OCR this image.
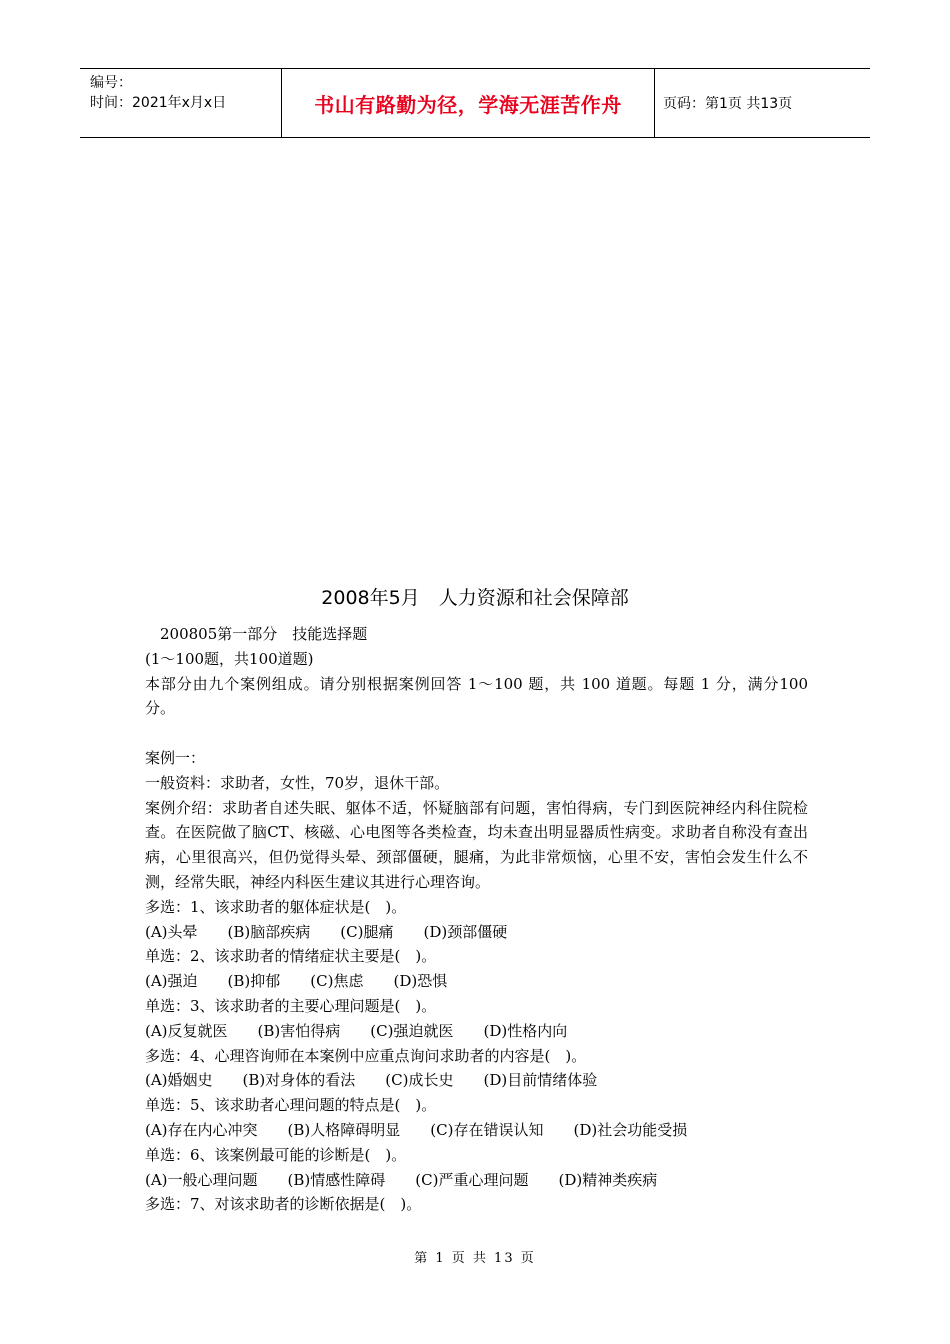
编号：
时间：2021年x月x日	书山有路勤为径，学海无涯苦作舟	页码：第1页 共13页
2008年5月　人力资源和社会保障部

200805第一部分　技能选择题

(1～100题，共100道题)

本部分由九个案例组成。请分别根据案例回答 1～100 题，共 100 道题。每题 1 分，满分100 分。

案例一：

一般资料：求助者，女性，70岁，退休干部。

案例介绍：求助者自述失眠、躯体不适，怀疑脑部有问题，害怕得病，专门到医院神经内科住院检查。在医院做了脑CT、核磁、心电图等各类检查，均未查出明显器质性病变。求助者自称没有查出病，心里很高兴，但仍觉得头晕、颈部僵硬，腿痛，为此非常烦恼，心里不安，害怕会发生什么不测，经常失眠，神经内科医生建议其进行心理咨询。

多选：1、该求助者的躯体症状是(　)。

(A)头晕 (B)脑部疾病 (C)腿痛 (D)颈部僵硬

单选：2、该求助者的情绪症状主要是(　)。

(A)强迫 (B)抑郁 (C)焦虑 (D)恐惧

单选：3、该求助者的主要心理问题是(　)。

(A)反复就医 (B)害怕得病 (C)强迫就医 (D)性格内向

多选：4、心理咨询师在本案例中应重点询问求助者的内容是(　)。

(A)婚姻史 (B)对身体的看法 (C)成长史 (D)目前情绪体验

单选：5、该求助者心理问题的特点是(　)。

(A)存在内心冲突 (B)人格障碍明显 (C)存在错误认知 (D)社会功能受损

单选：6、该案例最可能的诊断是(　)。

(A)一般心理问题 (B)情感性障碍 (C)严重心理问题 (D)精神类疾病

多选：7、对该求助者的诊断依据是(　)。

第 1 页 共 13 页
